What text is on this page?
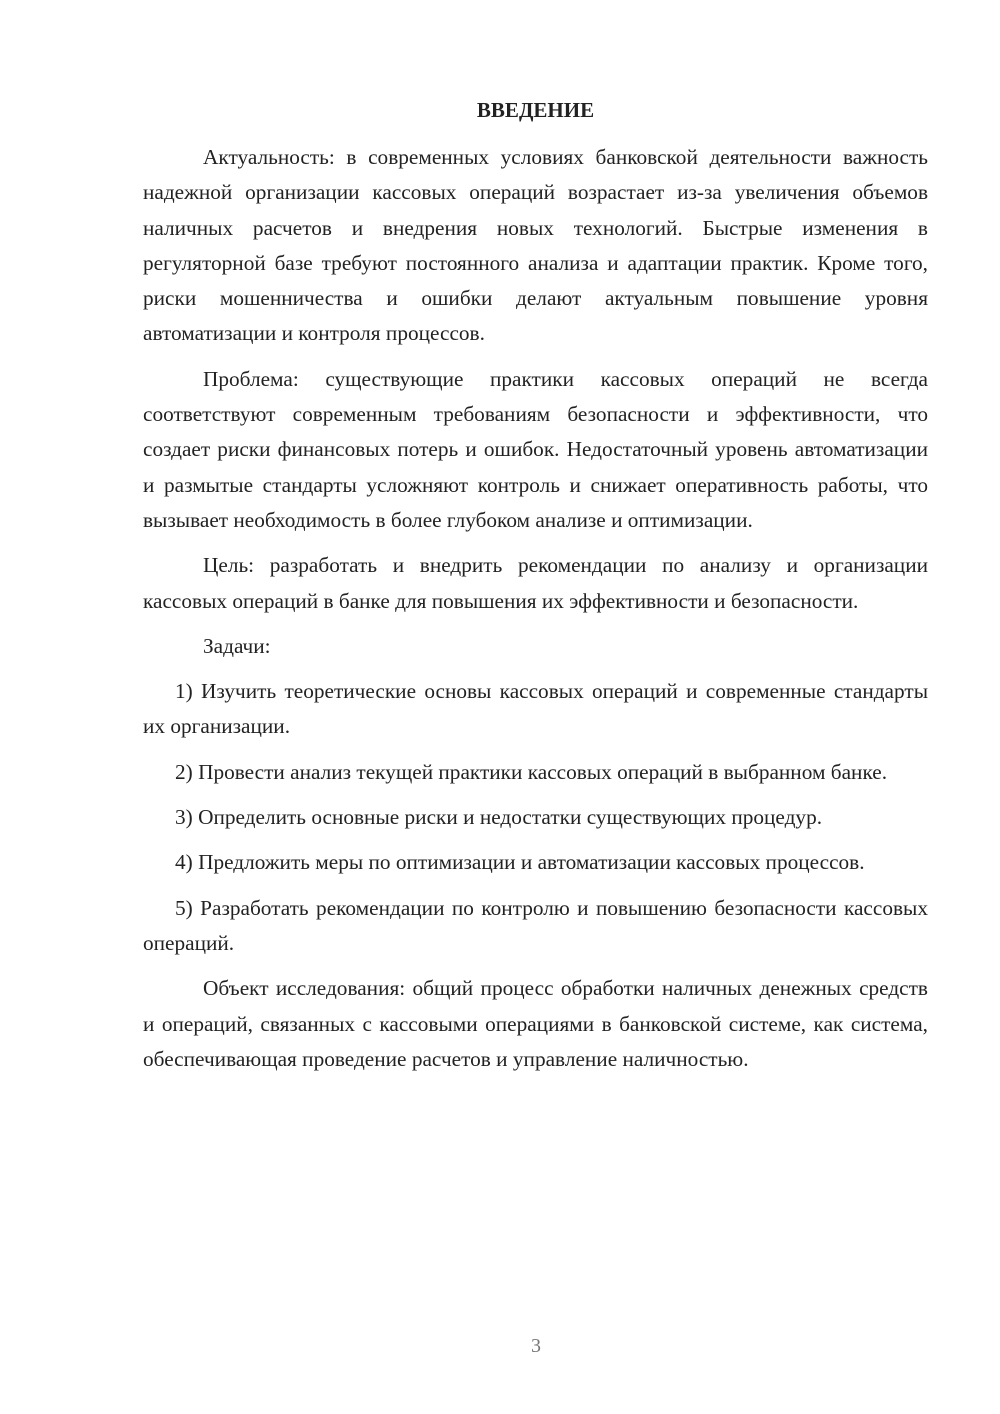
ВВЕДЕНИЕ

Актуальность: в современных условиях банковской деятельности важность надежной организации кассовых операций возрастает из-за увеличения объемов наличных расчетов и внедрения новых технологий. Быстрые изменения в регуляторной базе требуют постоянного анализа и адаптации практик. Кроме того, риски мошенничества и ошибки делают актуальным повышение уровня автоматизации и контроля процессов.

Проблема: существующие практики кассовых операций не всегда соответствуют современным требованиям безопасности и эффективности, что создает риски финансовых потерь и ошибок. Недостаточный уровень автоматизации и размытые стандарты усложняют контроль и снижает оперативность работы, что вызывает необходимость в более глубоком анализе и оптимизации.

Цель: разработать и внедрить рекомендации по анализу и организации кассовых операций в банке для повышения их эффективности и безопасности.

Задачи:

1) Изучить теоретические основы кассовых операций и современные стандарты их организации.

2) Провести анализ текущей практики кассовых операций в выбранном банке.

3) Определить основные риски и недостатки существующих процедур.

4) Предложить меры по оптимизации и автоматизации кассовых процессов.

5) Разработать рекомендации по контролю и повышению безопасности кассовых операций.

Объект исследования: общий процесс обработки наличных денежных средств и операций, связанных с кассовыми операциями в банковской системе, как система, обеспечивающая проведение расчетов и управление наличностью.

3
